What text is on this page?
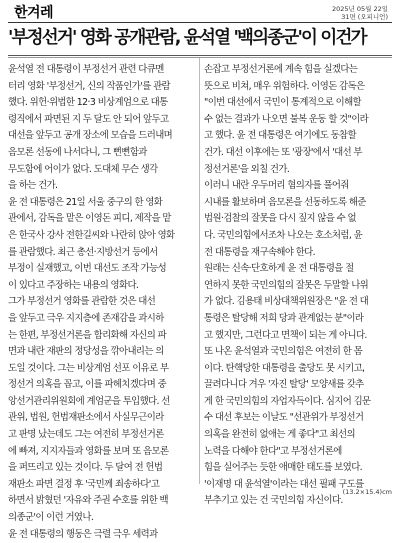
한겨레	2025년 05월 22일
31면 (오피니언)
'부정선거' 영화 공개관람, 윤석열 '백의종군'이 이건가
윤석열 전 대통령이 부정선거 관련 다큐멘
터리 영화 '부정선거, 신의 작품인가'를 관람
했다. 위헌·위법한 12·3 비상계엄으로 대통
령직에서 파면된 지 두 달도 안 되어 앞두고
대선을 앞두고 공개 장소에 모습을 드러내며
음모론 선동에 나서다니, 그 뻔뻔함과
무도함에 어이가 없다. 도대체 무슨 생각
을 하는 건가.
윤 전 대통령은 21일 서울 중구의 한 영화
관에서, 감독을 맡은 이영돈 피디, 제작을 맡
은 한국사 강사 전한길씨와 나란히 앉아 영화
를 관람했다. 최근 총선·지방선거 등에서
부정이 실재했고, 이번 대선도 조작 가능성
이 있다고 주장하는 내용의 영화다.
그가 부정선거 영화를 관람한 것은 대선
을 앞두고 극우 지지층에 존재감을 과시하
는 한편, 부정선거론을 합리화해 자신의 파
면과 내란 재판의 정당성을 깎아내리는 의
도일 것이다. 그는 비상계엄 선포 이유로 부
정선거 의혹을 꼽고, 이를 파헤치겠다며 중
앙선거관리위원회에 계엄군을 투입했다. 선
관위, 법원, 헌법재판소에서 사실무근이라
고 판명 났는데도 그는 여전히 부정선거론
에 빠져, 지지자들과 영화를 보며 또 음모론
을 퍼뜨리고 있는 것이다. 두 달여 전 헌법
재판소 파면 결정 후 '국민께 죄송하다'고
하면서 밝혔던 '자유와 주권 수호를 위한 백
의종군'이 이런 거였나.
윤 전 대통령의 행동은 극렬 극우 세력과
손잡고 부정선거론에 계속 힘을 실겠다는
뜻으로 비쳐, 매우 위험하다. 이영돈 감독은
"이번 대선에서 국민이 통계적으로 이해할
수 없는 결과가 나오면 불복 운동 할 것"이라
고 했다. 윤 전 대통령은 여기에도 동참할
건가. 대선 이후에는 또 '광장'에서 '대선 부
정선거론'을 외칠 건가.
이러니 내란 우두머리 혐의자를 풀어줘
시내를 활보하며 음모론을 선동하도록 해준
법원·검찰의 잘못을 다시 짚지 않을 수 없
다. 국민의힘에서조차 나오는 호소처럼, 윤
전 대통령을 재구속해야 한다.
원래는 신속·단호하게 윤 전 대통령을 절
연하지 못한 국민의힘의 잘못은 두말할 나위
가 없다. 김용태 비상대책위원장은 "윤 전 대
통령은 탈당해 저희 당과 관계없는 분"이라
고 했지만, 그런다고 면책이 되는 게 아니다.
또 나온 윤석열과 국민의힘은 여전히 한 몸
이다. 탄핵당한 대통령을 출당도 못 시키고,
끌려다니다 겨우 '자진 탈당' 모양새를 갖추
게 한 국민의힘의 자업자득이다. 심지어 김문
수 대선 후보는 이날도 "선관위가 부정선거
의혹을 완전히 없애는 게 좋다"고 최선의
노력을 다해야 한다"고 부정선거론에
힘을 실어주는 듯한 애매한 태도를 보였다.
'이재명 대 윤석열'이라는 대선 필패 구도를
부추기고 있는 건 국민의힘 자신이다.
(13.2×15.4)cm
